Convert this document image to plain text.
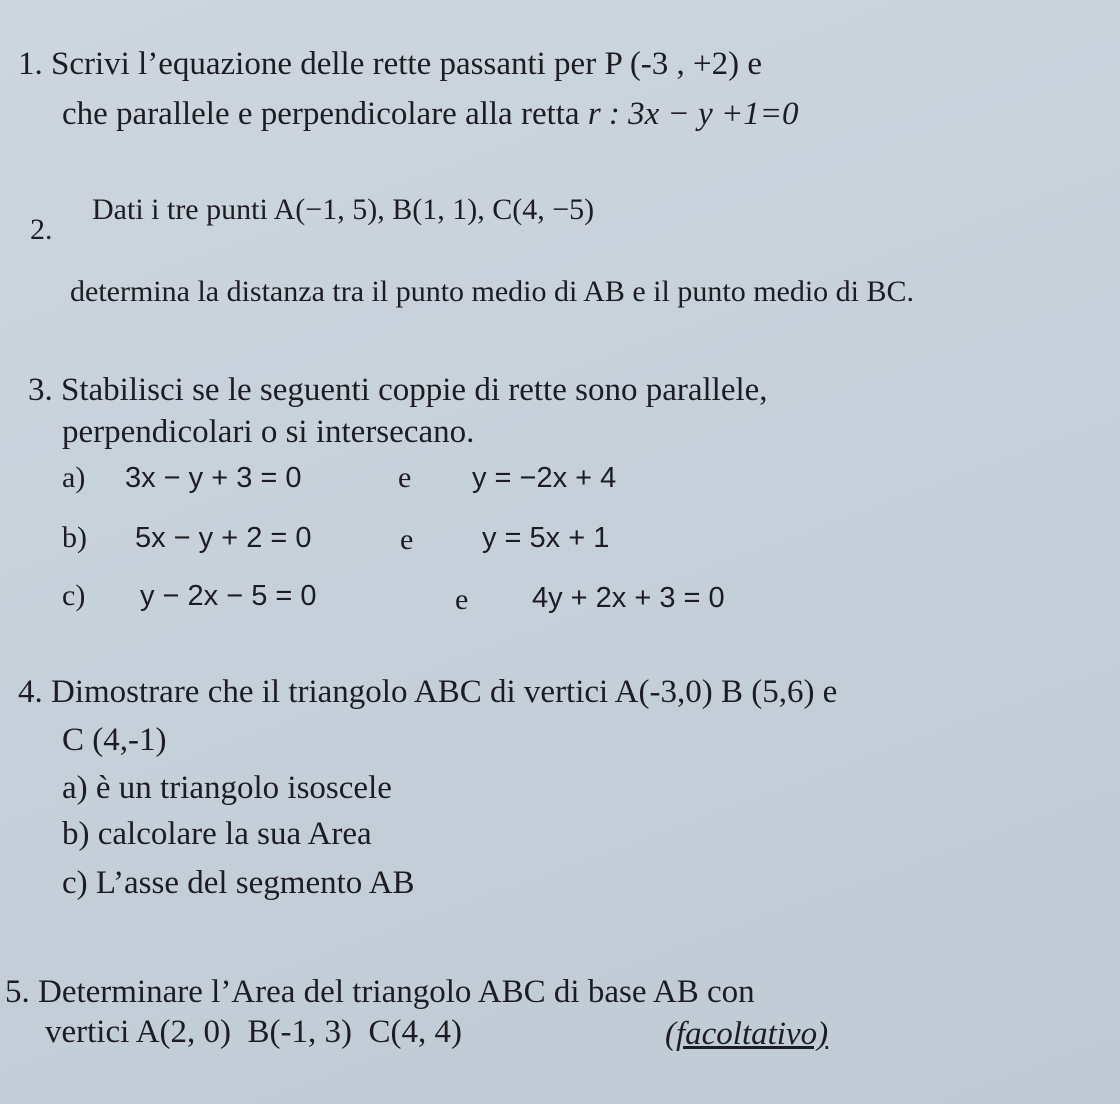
1. Scrivi l’equazione delle rette passanti per P (-3 , +2) e
che parallele e perpendicolare alla retta r : 3x − y +1=0
2.
Dati i tre punti A(−1, 5), B(1, 1), C(4, −5)
determina la distanza tra il punto medio di AB e il punto medio di BC.
3. Stabilisci se le seguenti coppie di rette sono parallele,
perpendicolari o si intersecano.
a) 3x − y + 3 = 0	e y = −2x + 4
b) 5x − y + 2 = 0	e y = 5x + 1
c) y − 2x − 5 = 0	e 4y + 2x + 3 = 0
4. Dimostrare che il triangolo ABC di vertici A(-3,0) B (5,6) e
C (4,-1)
a) è un triangolo isoscele
b) calcolare la sua Area
c) L’asse del segmento AB
5. Determinare l’Area del triangolo ABC di base AB con
vertici A(2, 0)  B(-1, 3)  C(4, 4)	(facoltativo)
